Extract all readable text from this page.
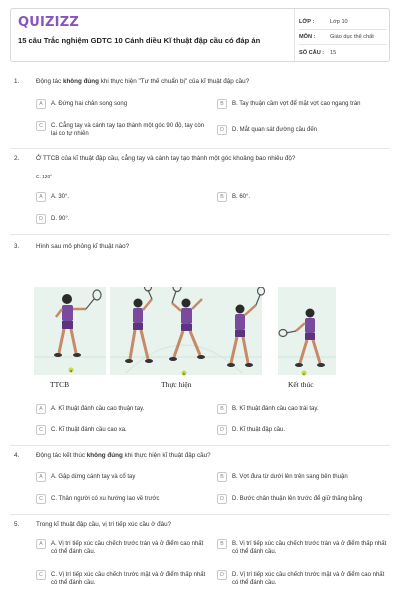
QUIZIZZ
15 câu Trắc nghiệm GDTC 10 Cánh diều Kĩ thuật đập cầu có đáp án
LỚP :	Lớp 10
MÔN :	Giáo dục thể chất
SỐ CÂU :	15
1.	Động tác không đúng khi thực hiện "Tư thế chuẩn bị" của kĩ thuật đập cầu?
A	A. Đứng hai chân song song	B	B. Tay thuận cầm vợt để mặt vợt cao ngang trán
C	C. Cẳng tay và cánh tay tạo thành một góc 90 độ, tay còn lại co tự nhiên
D	D. Mắt quan sát đường cầu đến
2.	Ở TTCB của kĩ thuật đập cầu, cẳng tay và cánh tay tạo thành một góc khoảng bao nhiêu độ?
C. 120°
A	A. 30°.	B	B. 60°.
D	D. 90°.
3.	Hình sau mô phỏng kĩ thuật nào?
a
b	c
TTCB	Thực hiện	Kết thúc
A	A. Kĩ thuật đánh cầu cao thuận tay.	B	B. Kĩ thuật đánh cầu cao trái tay.
C	C. Kĩ thuật đánh cầu cao xa.	D	D. Kĩ thuật đập cầu.
4.	Động tác kết thúc không đúng khi thực hiện kĩ thuật đập cầu?
A	A. Gập dừng cánh tay và cổ tay	B	B. Vợt đưa từ dưới lên trên sang bên thuận
C	C. Thân người có xu hướng lao về trước	D	D. Bước chân thuận lên trước để giữ thăng bằng
5.	Trong kĩ thuật đập cầu, vị trí tiếp xúc cầu ở đâu?
A	A. Vị trí tiếp xúc cầu chếch trước trán và ở điểm cao nhất có thể đánh cầu.
B	B. Vị trí tiếp xúc cầu chếch trước trán và ở điểm thấp nhất có thể đánh cầu.
C	C. Vị trí tiếp xúc cầu chếch trước mặt và ở điểm thấp nhất có thể đánh cầu.
D	D. Vị trí tiếp xúc cầu chếch trước mặt và ở điểm cao nhất có thể đánh cầu.
